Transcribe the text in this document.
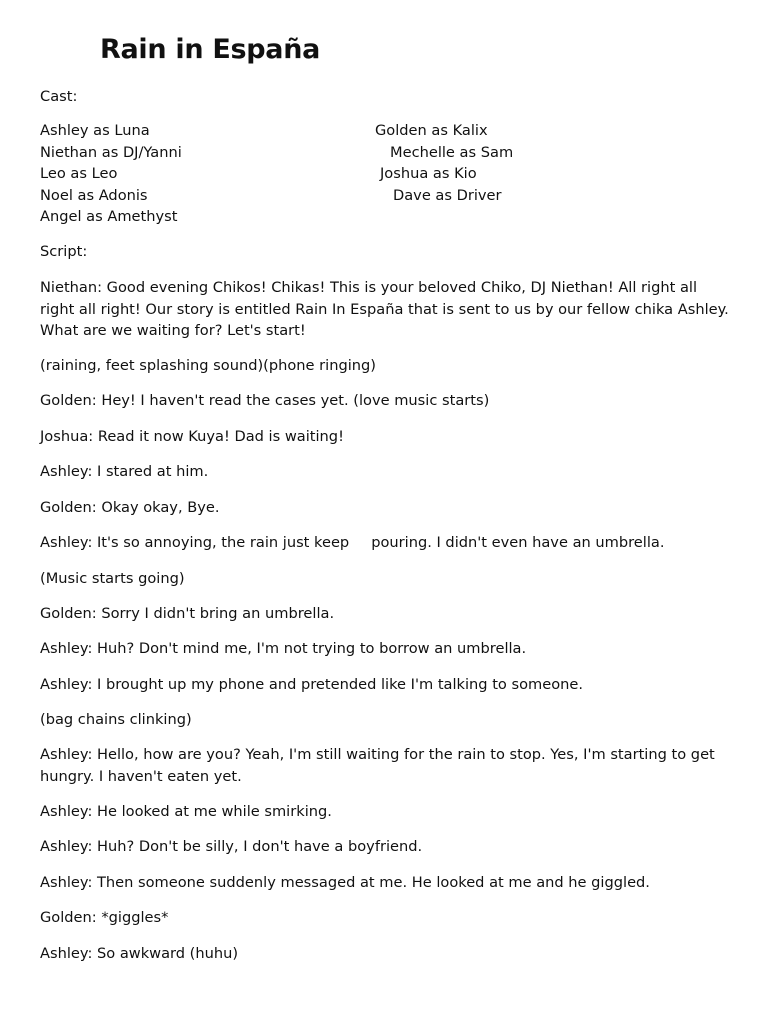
Rain in España
Cast:
Ashley as Luna	Golden as Kalix
Niethan as DJ/Yanni	Mechelle as Sam
Leo as Leo	Joshua as Kio
Noel as Adonis	Dave as Driver
Angel as Amethyst
Script:
Niethan: Good evening Chikos! Chikas! This is your beloved Chiko, DJ Niethan! All right all right all right! Our story is entitled Rain In España that is sent to us by our fellow chika Ashley. What are we waiting for? Let's start!
(raining, feet splashing sound)(phone ringing)
Golden: Hey! I haven't read the cases yet. (love music starts)
Joshua: Read it now Kuya! Dad is waiting!
Ashley: I stared at him.
Golden: Okay okay, Bye.
Ashley: It's so annoying, the rain just keep pouring. I didn't even have an umbrella.
(Music starts going)
Golden: Sorry I didn't bring an umbrella.
Ashley: Huh? Don't mind me, I'm not trying to borrow an umbrella.
Ashley: I brought up my phone and pretended like I'm talking to someone.
(bag chains clinking)
Ashley: Hello, how are you? Yeah, I'm still waiting for the rain to stop. Yes, I'm starting to get hungry. I haven't eaten yet.
Ashley: He looked at me while smirking.
Ashley: Huh? Don't be silly, I don't have a boyfriend.
Ashley: Then someone suddenly messaged at me. He looked at me and he giggled.
Golden: *giggles*
Ashley: So awkward (huhu)
